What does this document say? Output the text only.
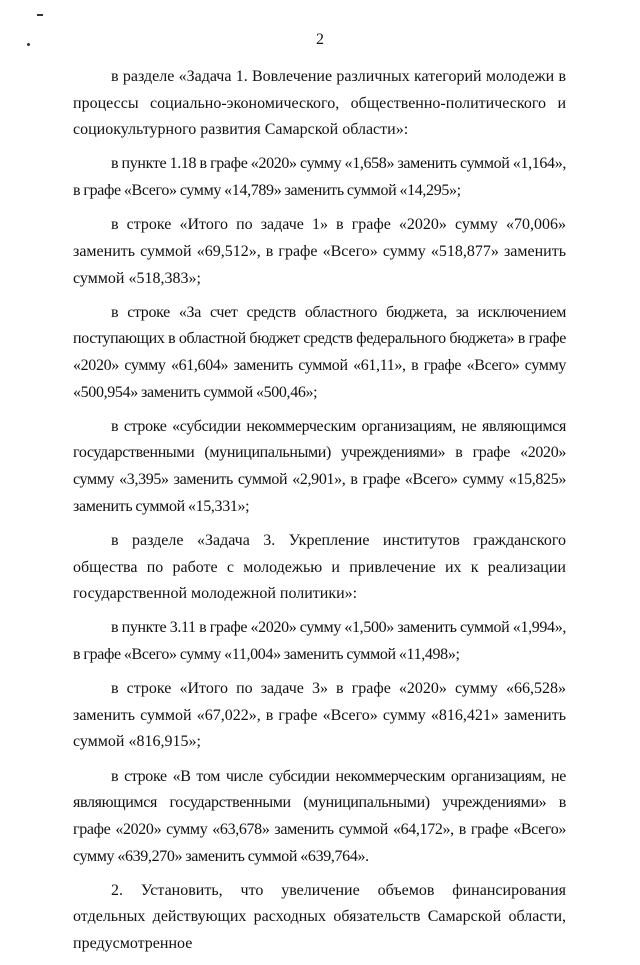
2

в разделе «Задача 1. Вовлечение различных категорий молодежи в процессы социально-экономического, общественно-политического и социокультурного развития Самарской области»:

в пункте 1.18 в графе «2020» сумму «1,658» заменить суммой «1,164», в графе «Всего» сумму «14,789» заменить суммой «14,295»;

в строке «Итого по задаче 1» в графе «2020» сумму «70,006» заменить суммой «69,512», в графе «Всего» сумму «518,877» заменить суммой «518,383»;

в строке «За счет средств областного бюджета, за исключением поступающих в областной бюджет средств федерального бюджета» в графе «2020» сумму «61,604» заменить суммой «61,11», в графе «Всего» сумму «500,954» заменить суммой «500,46»;

в строке «субсидии некоммерческим организациям, не являющимся государственными (муниципальными) учреждениями» в графе «2020» сумму «3,395» заменить суммой «2,901», в графе «Всего» сумму «15,825» заменить суммой «15,331»;

в разделе «Задача 3. Укрепление институтов гражданского общества по работе с молодежью и привлечение их к реализации государственной молодежной политики»:

в пункте 3.11 в графе «2020» сумму «1,500» заменить суммой «1,994», в графе «Всего» сумму «11,004» заменить суммой «11,498»;

в строке «Итого по задаче 3» в графе «2020» сумму «66,528» заменить суммой «67,022», в графе «Всего» сумму «816,421» заменить суммой «816,915»;

в строке «В том числе субсидии некоммерческим организациям, не являющимся государственными (муниципальными) учреждениями» в графе «2020» сумму «63,678» заменить суммой «64,172», в графе «Всего» сумму «639,270» заменить суммой «639,764».

2. Установить, что увеличение объемов финансирования отдельных действующих расходных обязательств Самарской области, предусмотренное
